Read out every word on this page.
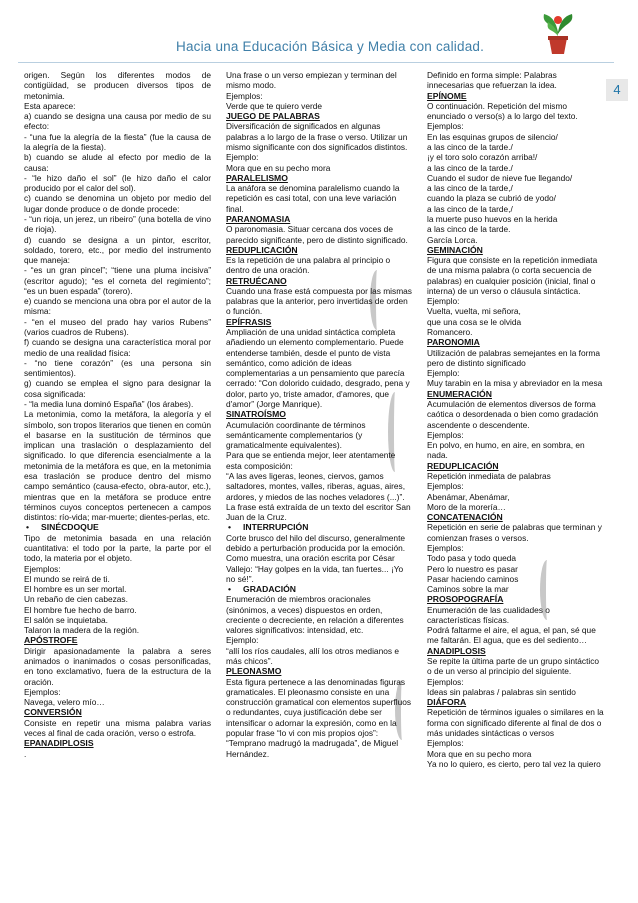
Hacia una Educación Básica y Media con calidad.
4
origen. Según los diferentes modos de contigüidad, se producen diversos tipos de metonimia.
Esta aparece:
a) cuando se designa una causa por medio de su efecto:
- “una fue la alegría de la fiesta” (fue la causa de la alegría de la fiesta).
b) cuando se alude al efecto por medio de la causa:
- “le hizo daño el sol” (le hizo daño el calor producido por el calor del sol).
c) cuando se denomina un objeto por medio del lugar donde produce o de donde procede:
- “un rioja, un jerez, un ribeiro” (una botella de vino de rioja).
d) cuando se designa a un pintor, escritor, soldado, torero, etc., por medio del instrumento que maneja:
- “es un gran pincel”; “tiene una pluma incisiva” (escritor agudo); “es el corneta del regimiento”; “es un buen espada” (torero).
e) cuando se menciona una obra por el autor de la misma:
- “en el museo del prado hay varios Rubens” (varios cuadros de Rubens).
f) cuando se designa una característica moral por medio de una realidad física:
- “no tiene corazón” (es una persona sin sentimientos).
g) cuando se emplea el signo para designar la cosa significada:
- “la media luna dominó España” (los árabes).
La metonimia, como la metáfora, la alegoría y el símbolo, son tropos literarios que tienen en común el basarse en la sustitución de términos que implican una traslación o desplazamiento del significado. lo que diferencia esencialmente a la metonimia de la metáfora es que, en la metonimia esa traslación se produce dentro del mismo campo semántico (causa-efecto, obra-autor, etc.), mientras que en la metáfora se produce entre términos cuyos conceptos pertenecen a campos distintos: río-vida; mar-muerte; dientes-perlas, etc.
• SINÉCDOQUE
Tipo de metonimia basada en una relación cuantitativa: el todo por la parte, la parte por el todo, la materia por el objeto.
Ejemplos:
El mundo se reirá de ti.
El hombre es un ser mortal.
Un rebaño de cien cabezas.
El hombre fue hecho de barro.
El salón se inquietaba.
Talaron la madera de la región.
APÓSTROFE
Dirigir apasionadamente la palabra a seres animados o inanimados o cosas personificadas, en tono exclamativo, fuera de la estructura de la oración.
Ejemplos:
Navega, velero mío…
CONVERSIÓN
Consiste en repetir una misma palabra varias veces al final de cada oración, verso o estrofa.
EPANADIPLOSIS
.
Una frase o un verso empiezan y terminan del mismo modo.
Ejemplos:
Verde que te quiero verde
JUEGO DE PALABRAS
Diversificación de significados en algunas palabras a lo largo de la frase o verso. Utilizar un mismo significante con dos significados distintos.
Ejemplo:
Mora que en su pecho mora
PARALELISMO
La anáfora se denomina paralelismo cuando la repetición es casi total, con una leve variación final.
PARANOMASIA
O paronomasia. Situar cercana dos voces de parecido significante, pero de distinto significado.
REDUPLICACIÓN
Es la repetición de una palabra al principio o dentro de una oración.
RETRUÉCANO
Cuando una frase está compuesta por las mismas palabras que la anterior, pero invertidas de orden o función.
EPÍFRASIS
Ampliación de una unidad sintáctica completa añadiendo un elemento complementario. Puede entenderse también, desde el punto de vista semántico, como adición de ideas complementarias a un pensamiento que parecía cerrado: “Con dolorido cuidado, desgrado, pena y dolor, parto yo, triste amador, d'amores, que d'amor” (Jorge Manrique).
SINATROÍSMO
Acumulación coordinante de términos semánticamente complementarios (y gramaticalmente equivalentes).
Para que se entienda mejor, leer atentamente esta composición:
“A las aves ligeras, leones, ciervos, gamos saltadores, montes, valles, riberas, aguas, aires, ardores, y miedos de las noches veladores (...)”. La frase está extraída de un texto del escritor San Juan de la Cruz.
• INTERRUPCIÓN
Corte brusco del hilo del discurso, generalmente debido a perturbación producida por la emoción. Como muestra, una oración escrita por César Vallejo: “Hay golpes en la vida, tan fuertes... ¡Yo no sé!”.
• GRADACIÓN
Enumeración de miembros oracionales (sinónimos, a veces) dispuestos en orden, creciente o decreciente, en relación a diferentes valores significativos: intensidad, etc.
Ejemplo:
“allí los ríos caudales, allí los otros medianos e más chicos”.
PLEONASMO
Esta figura pertenece a las denominadas figuras gramaticales. El pleonasmo consiste en una construcción gramatical con elementos superfluos o redundantes, cuya justificación debe ser intensificar o adornar la expresión, como en la popular frase “lo vi con mis propios ojos”: “Temprano madrugó la madrugada”, de Miguel Hernández.
Definido en forma simple: Palabras innecesarias que refuerzan la idea.
EPÍNOME
O continuación. Repetición del mismo enunciado o verso(s) a lo largo del texto.
Ejemplos:
En las esquinas grupos de silencio/
a las cinco de la tarde./
¡y el toro solo corazón arriba!/
a las cinco de la tarde./
Cuando el sudor de nieve fue llegando/
a las cinco de la tarde,/
cuando la plaza se cubrió de yodo/
a las cinco de la tarde,/
la muerte puso huevos en la herida
a las cinco de la tarde.
García Lorca.
GEMINACIÓN
Figura que consiste en la repetición inmediata de una misma palabra (o corta secuencia de palabras) en cualquier posición (inicial, final o interna) de un verso o cláusula sintáctica.
Ejemplo:
Vuelta, vuelta, mi señora,
que una cosa se le olvida
Romancero.
PARONOMIA
Utilización de palabras semejantes en la forma pero de distinto significado
Ejemplo:
Muy tarabin en la misa y abreviador en la mesa
ENUMERACIÓN
Acumulación de elementos diversos de forma caótica o desordenada o bien como gradación ascendente o descendente.
Ejemplos:
En polvo, en humo, en aire, en sombra, en nada.
REDUPLICACIÓN
Repetición inmediata de palabras
Ejemplos:
Abenámar, Abenámar,
Moro de la morería…
CONCATENACIÓN
Repetición en serie de palabras que terminan y comienzan frases o versos.
Ejemplos:
Todo pasa y todo queda
Pero lo nuestro es pasar
Pasar haciendo caminos
Caminos sobre la mar
PROSOPOGRAFÍA
Enumeración de las cualidades o características físicas.
Podrá faltarme el aire, el agua, el pan, sé que me faltarán. El agua, que es del sediento…
ANADIPLOSIS
Se repite la última parte de un grupo sintáctico o de un verso al principio del siguiente.
Ejemplos:
Ideas sin palabras / palabras sin sentido
DIÁFORA
Repetición de términos iguales o similares en la forma con significado diferente al final de dos o más unidades sintácticas o versos
Ejemplos:
Mora que en su pecho mora
Ya no lo quiero, es cierto, pero tal vez la quiero
